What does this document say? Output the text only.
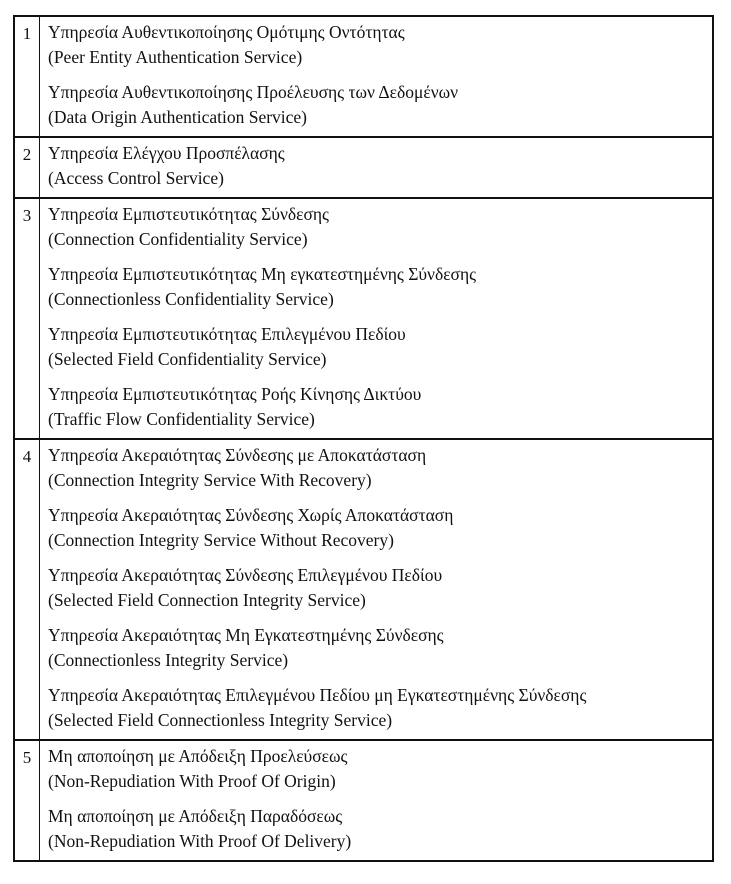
1 Υπηρεσία Αυθεντικοποίησης Ομότιμης Οντότητας
(Peer Entity Authentication Service)
Υπηρεσία Αυθεντικοποίησης Προέλευσης των Δεδομένων
(Data Origin Authentication Service)
2 Υπηρεσία Ελέγχου Προσπέλασης
(Access Control Service)
3 Υπηρεσία Εμπιστευτικότητας Σύνδεσης
(Connection Confidentiality Service)
Υπηρεσία Εμπιστευτικότητας Μη εγκατεστημένης Σύνδεσης
(Connectionless Confidentiality Service)
Υπηρεσία Εμπιστευτικότητας Επιλεγμένου Πεδίου
(Selected Field Confidentiality Service)
Υπηρεσία Εμπιστευτικότητας Ροής Κίνησης Δικτύου
(Traffic Flow Confidentiality Service)
4 Υπηρεσία Ακεραιότητας Σύνδεσης με Αποκατάσταση
(Connection Integrity Service With Recovery)
Υπηρεσία Ακεραιότητας Σύνδεσης Χωρίς Αποκατάσταση
(Connection Integrity Service Without Recovery)
Υπηρεσία Ακεραιότητας Σύνδεσης Επιλεγμένου Πεδίου
(Selected Field Connection Integrity Service)
Υπηρεσία Ακεραιότητας Μη Εγκατεστημένης Σύνδεσης
(Connectionless Integrity Service)
Υπηρεσία Ακεραιότητας Επιλεγμένου Πεδίου μη Εγκατεστημένης Σύνδεσης
(Selected Field Connectionless Integrity Service)
5 Μη αποποίηση με Απόδειξη Προελεύσεως
(Non-Repudiation With Proof Of Origin)
Μη αποποίηση με Απόδειξη Παραδόσεως
(Non-Repudiation With Proof Of Delivery)
